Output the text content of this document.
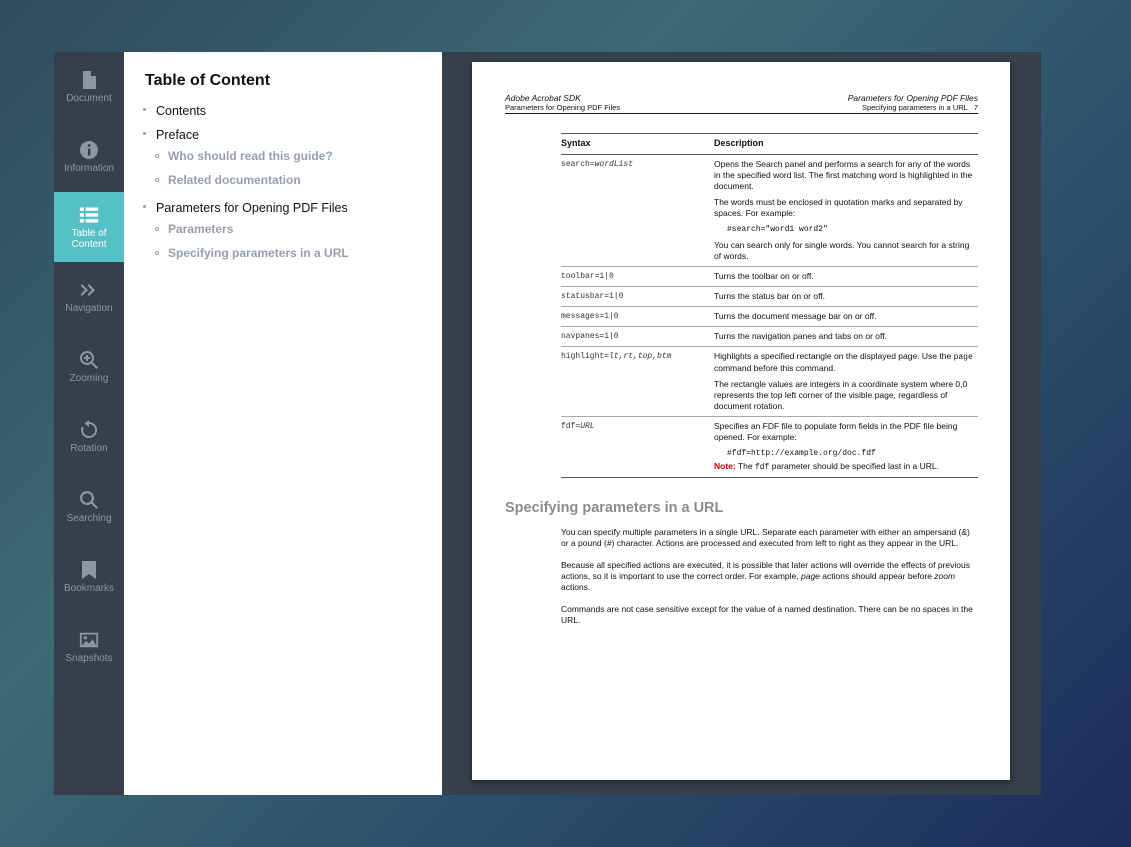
Document
Information
Table of Content
Navigation
Zooming
Rotation
Searching
Bookmarks
Snapshots
Table of Content
Contents
Preface
Who should read this guide?
Related documentation
Parameters for Opening PDF Files
Parameters
Specifying parameters in a URL
Adobe Acrobat SDK	Parameters for Opening PDF Files
Parameters for Opening PDF Files	Specifying parameters in a URL 7
Syntax	Description
search=wordList	Opens the Search panel and performs a search for any of the words in the specified word list. The first matching word is highlighted in the document.

The words must be enclosed in quotation marks and separated by spaces. For example:

#search="word1 word2"

You can search only for single words. You cannot search for a string of words.

toolbar=1|0	Turns the toolbar on or off.
statusbar=1|0	Turns the status bar on or off.
messages=1|0	Turns the document message bar on or off.
navpanes=1|0	Turns the navigation panes and tabs on or off.
highlight=lt,rt,top,btm	Highlights a specified rectangle on the displayed page. Use the page command before this command.

The rectangle values are integers in a coordinate system where 0,0 represents the top left corner of the visible page, regardless of document rotation.

fdf=URL	Specifies an FDF file to populate form fields in the PDF file being opened. For example:

#fdf=http://example.org/doc.fdf

Note: The fdf parameter should be specified last in a URL.

Specifying parameters in a URL

You can specify multiple parameters in a single URL. Separate each parameter with either an ampersand (&) or a pound (#) character. Actions are processed and executed from left to right as they appear in the URL.

Because all specified actions are executed, it is possible that later actions will override the effects of previous actions, so it is important to use the correct order. For example, page actions should appear before zoom actions.

Commands are not case sensitive except for the value of a named destination. There can be no spaces in the URL.
